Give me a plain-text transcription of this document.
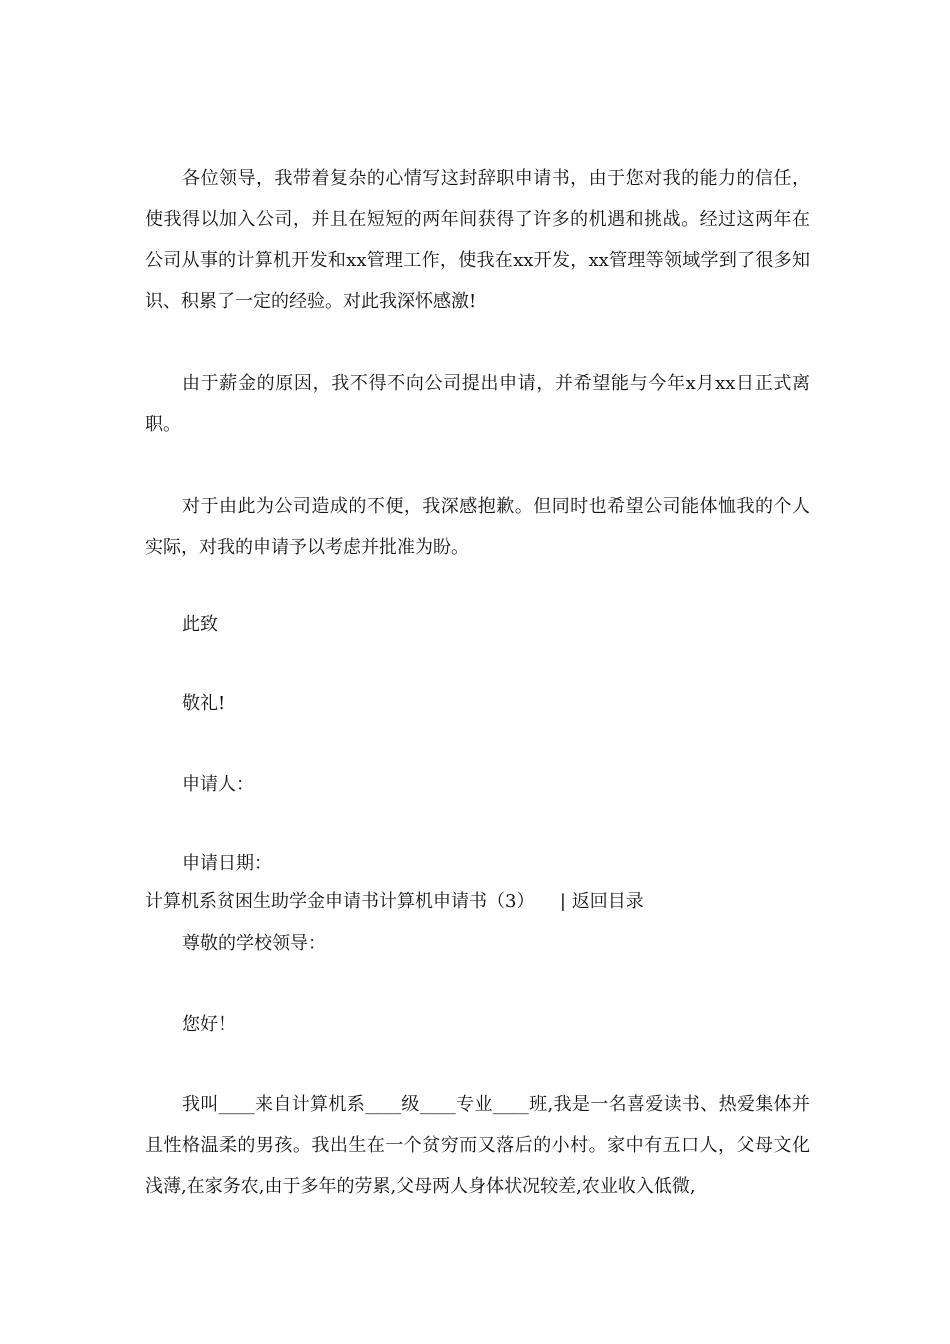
各位领导，我带着复杂的心情写这封辞职申请书，由于您对我的能力的信任，使我得以加入公司，并且在短短的两年间获得了许多的机遇和挑战。经过这两年在公司从事的计算机开发和xx管理工作，使我在xx开发，xx管理等领域学到了很多知识、积累了一定的经验。对此我深怀感激!

由于薪金的原因，我不得不向公司提出申请，并希望能与今年x月xx日正式离职。

对于由此为公司造成的不便，我深感抱歉。但同时也希望公司能体恤我的个人实际，对我的申请予以考虑并批准为盼。

此致

敬礼!

申请人：

申请日期：

计算机系贫困生助学金申请书计算机申请书（3） | 返回目录

尊敬的学校领导：

您好！

我叫____来自计算机系____级____专业____班,我是一名喜爱读书、热爱集体并且性格温柔的男孩。我出生在一个贫穷而又落后的小村。家中有五口人，父母文化浅薄,在家务农,由于多年的劳累,父母两人身体状况较差,农业收入低微,
